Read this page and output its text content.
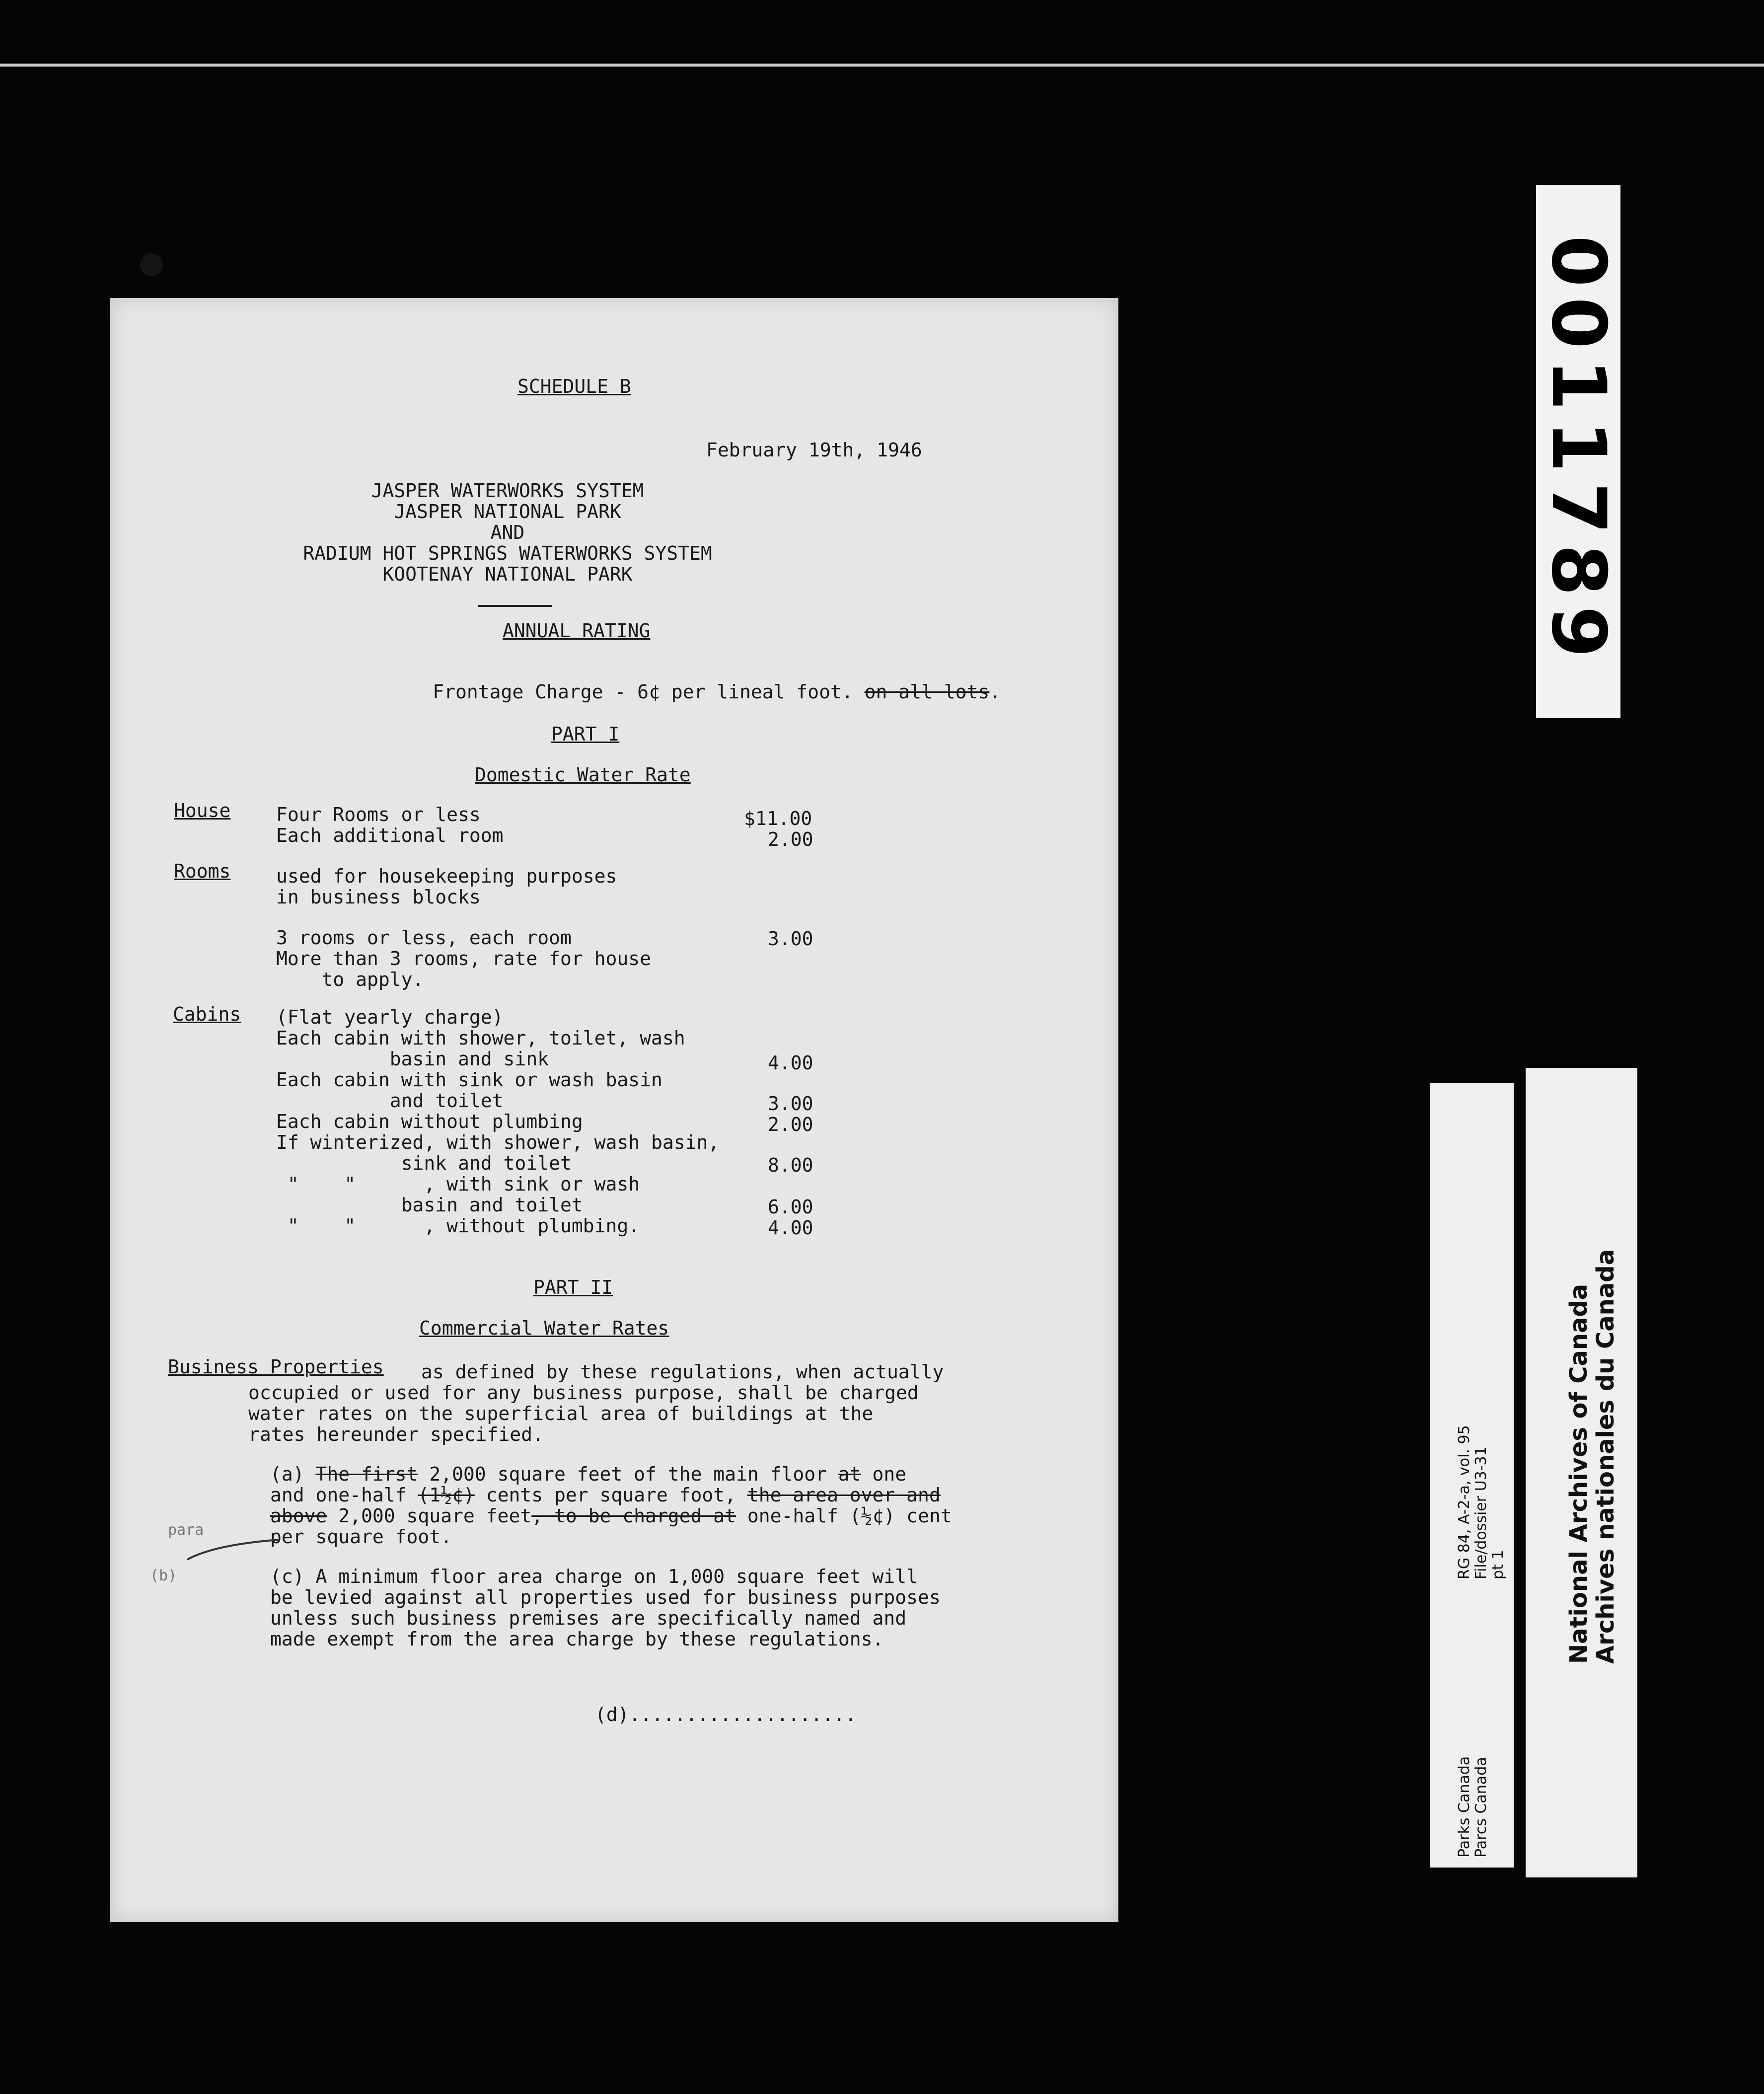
SCHEDULE B
February 19th, 1946
JASPER WATERWORKS SYSTEM
JASPER NATIONAL PARK
AND
RADIUM HOT SPRINGS WATERWORKS SYSTEM
KOOTENAY NATIONAL PARK
ANNUAL RATING

Frontage Charge - 6¢ per lineal foot. on all lots.

PART I
Domestic Water Rate
House Four Rooms or less	$11.00
Each additional room	2.00
Rooms used for housekeeping purposes
in business blocks
3 rooms or less, each room	3.00
More than 3 rooms, rate for house
to apply.
Cabins (Flat yearly charge)
Each cabin with shower, toilet, wash
basin and sink	4.00
Each cabin with sink or wash basin
and toilet	3.00
Each cabin without plumbing	2.00
If winterized, with shower, wash basin,
sink and toilet	8.00
"    "      , with sink or wash
basin and toilet	6.00
"    "      , without plumbing.	4.00
PART II
Commercial Water Rates
Business Properties as defined by these regulations, when actually
occupied or used for any business purpose, shall be charged
water rates on the superficial area of buildings at the
rates hereunder specified.
(a) The first 2,000 square feet of the main floor at one
and one-half (1½¢) cents per square foot, the area over and
above 2,000 square feet, to be charged at one-half (½¢) cent
per square foot.
para
(b)	(c) A minimum floor area charge on 1,000 square feet will
be levied against all properties used for business purposes
unless such business premises are specifically named and
made exempt from the area charge by these regulations.
(d)....................
0011789
RG 84, A-2-a, vol. 95 File/dossier U3-31 pt 1
Parks Canada Parcs Canada
National Archives of Canada
Archives nationales du Canada
